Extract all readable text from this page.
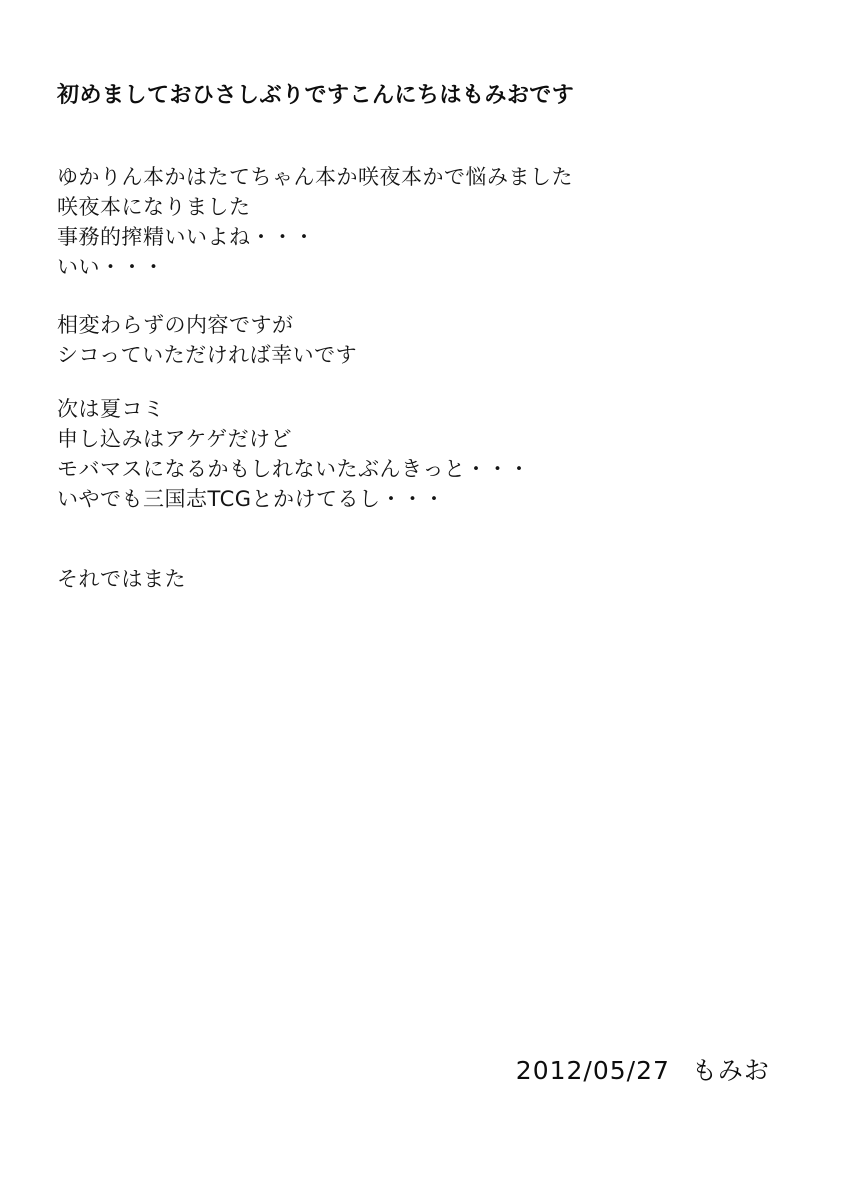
初めましておひさしぶりですこんにちはもみおです
ゆかりん本かはたてちゃん本か咲夜本かで悩みました
咲夜本になりました
事務的搾精いいよね・・・
いい・・・
相変わらずの内容ですが
シコっていただければ幸いです
次は夏コミ
申し込みはアケゲだけど
モバマスになるかもしれないたぶんきっと・・・
いやでも三国志TCGとかけてるし・・・
それではまた

2012/05/27 もみお
